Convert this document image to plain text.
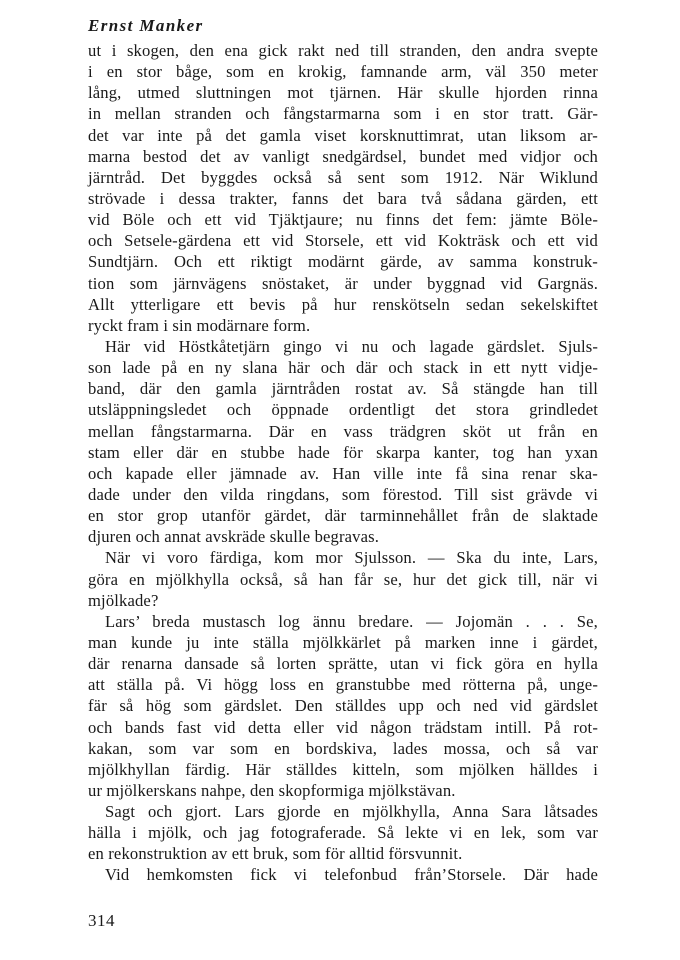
Ernst Manker
ut i skogen, den ena gick rakt ned till stranden, den andra svepte
i en stor båge, som en krokig, famnande arm, väl 350 meter
lång, utmed sluttningen mot tjärnen. Här skulle hjorden rinna
in mellan stranden och fångstarmarna som i en stor tratt. Gär-
det var inte på det gamla viset korsknuttimrat, utan liksom ar-
marna bestod det av vanligt snedgärdsel, bundet med vidjor och
järntråd. Det byggdes också så sent som 1912. När Wiklund
strövade i dessa trakter, fanns det bara två sådana gärden, ett
vid Böle och ett vid Tjäktjaure; nu finns det fem: jämte Böle-
och Setsele-gärdena ett vid Storsele, ett vid Kokträsk och ett vid
Sundtjärn. Och ett riktigt modärnt gärde, av samma konstruk-
tion som järnvägens snöstaket, är under byggnad vid Gargnäs.
Allt ytterligare ett bevis på hur renskötseln sedan sekelskiftet
ryckt fram i sin modärnare form.
Här vid Höstkåtetjärn gingo vi nu och lagade gärdslet. Sjuls-
son lade på en ny slana här och där och stack in ett nytt vidje-
band, där den gamla järntråden rostat av. Så stängde han till
utsläppningsledet och öppnade ordentligt det stora grindledet
mellan fångstarmarna. Där en vass trädgren sköt ut från en
stam eller där en stubbe hade för skarpa kanter, tog han yxan
och kapade eller jämnade av. Han ville inte få sina renar ska-
dade under den vilda ringdans, som förestod. Till sist grävde vi
en stor grop utanför gärdet, där tarminnehållet från de slaktade
djuren och annat avskräde skulle begravas.
När vi voro färdiga, kom mor Sjulsson. — Ska du inte, Lars,
göra en mjölkhylla också, så han får se, hur det gick till, när vi
mjölkade?
Lars’ breda mustasch log ännu bredare. — Jojomän . . . Se,
man kunde ju inte ställa mjölkkärlet på marken inne i gärdet,
där renarna dansade så lorten sprätte, utan vi fick göra en hylla
att ställa på. Vi högg loss en granstubbe med rötterna på, unge-
fär så hög som gärdslet. Den ställdes upp och ned vid gärdslet
och bands fast vid detta eller vid någon trädstam intill. På rot-
kakan, som var som en bordskiva, lades mossa, och så var
mjölkhyllan färdig. Här ställdes kitteln, som mjölken hälldes i
ur mjölkerskans nahpe, den skopformiga mjölkstävan.
Sagt och gjort. Lars gjorde en mjölkhylla, Anna Sara låtsades
hälla i mjölk, och jag fotograferade. Så lekte vi en lek, som var
en rekonstruktion av ett bruk, som för alltid försvunnit.
Vid hemkomsten fick vi telefonbud från’Storsele. Där hade
314
